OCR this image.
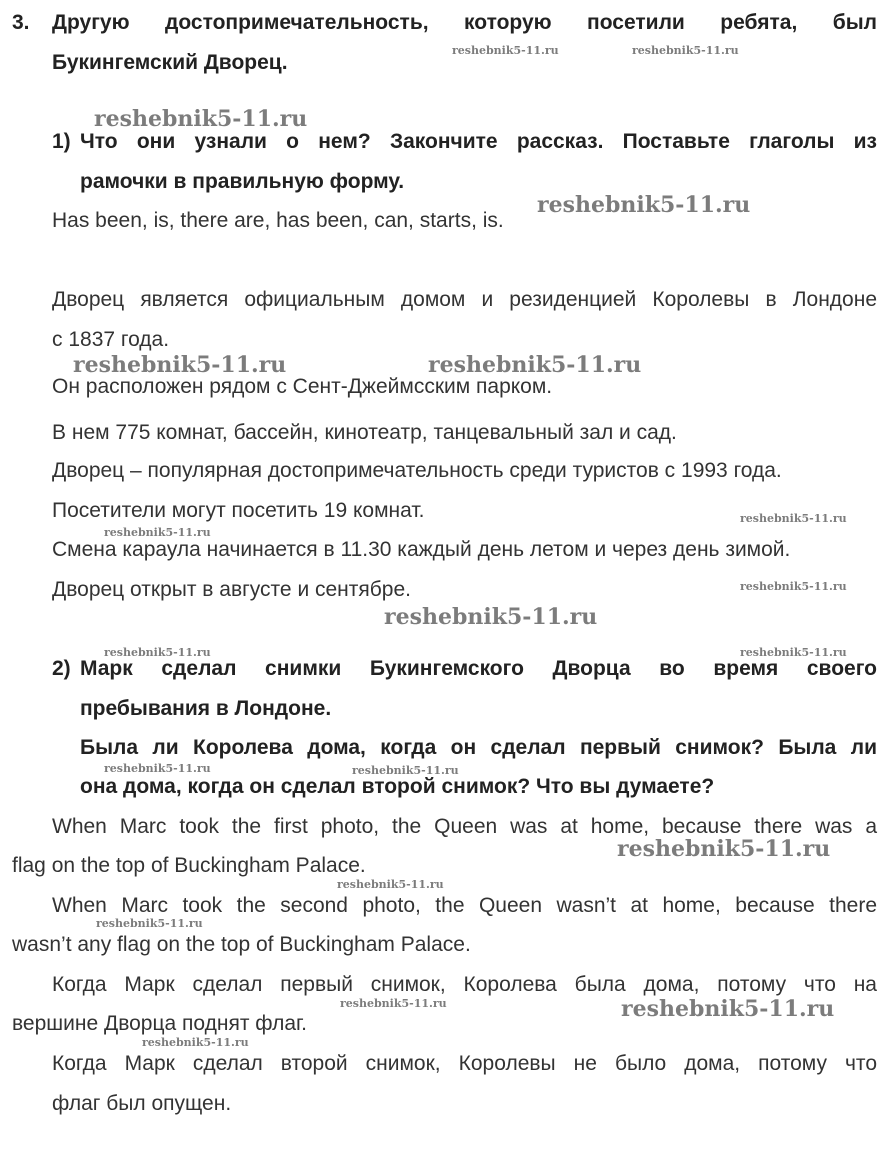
3. Другую достопримечательность, которую посетили ребята, был
Букингемский Дворец.
1) Что они узнали о нем? Закончите рассказ. Поставьте глаголы из
рамочки в правильную форму.
Has been, is, there are, has been, can, starts, is.
Дворец является официальным домом и резиденцией Королевы в Лондоне
с 1837 года.
Он расположен рядом с Сент-Джеймсским парком.
В нем 775 комнат, бассейн, кинотеатр, танцевальный зал и сад.
Дворец – популярная достопримечательность среди туристов с 1993 года.
Посетители могут посетить 19 комнат.
Смена караула начинается в 11.30 каждый день летом и через день зимой.
Дворец открыт в августе и сентябре.
2) Марк сделал снимки Букингемского Дворца во время своего
пребывания в Лондоне.
Была ли Королева дома, когда он сделал первый снимок? Была ли
она дома, когда он сделал второй снимок? Что вы думаете?
When Marc took the first photo, the Queen was at home, because there was a
flag on the top of Buckingham Palace.
When Marc took the second photo, the Queen wasn’t at home, because there
wasn’t any flag on the top of Buckingham Palace.
Когда Марк сделал первый снимок, Королева была дома, потому что на
вершине Дворца поднят флаг.
Когда Марк сделал второй снимок, Королевы не было дома, потому что
флаг был опущен.
reshebnik5-11.ru	reshebnik5-11.ru
reshebnik5-11.ru
reshebnik5-11.ru
reshebnik5-11.ru	reshebnik5-11.ru
reshebnik5-11.ru
reshebnik5-11.ru
reshebnik5-11.ru
reshebnik5-11.ru
reshebnik5-11.ru	reshebnik5-11.ru
reshebnik5-11.ru	reshebnik5-11.ru
reshebnik5-11.ru
reshebnik5-11.ru
reshebnik5-11.ru
reshebnik5-11.ru	reshebnik5-11.ru
reshebnik5-11.ru
